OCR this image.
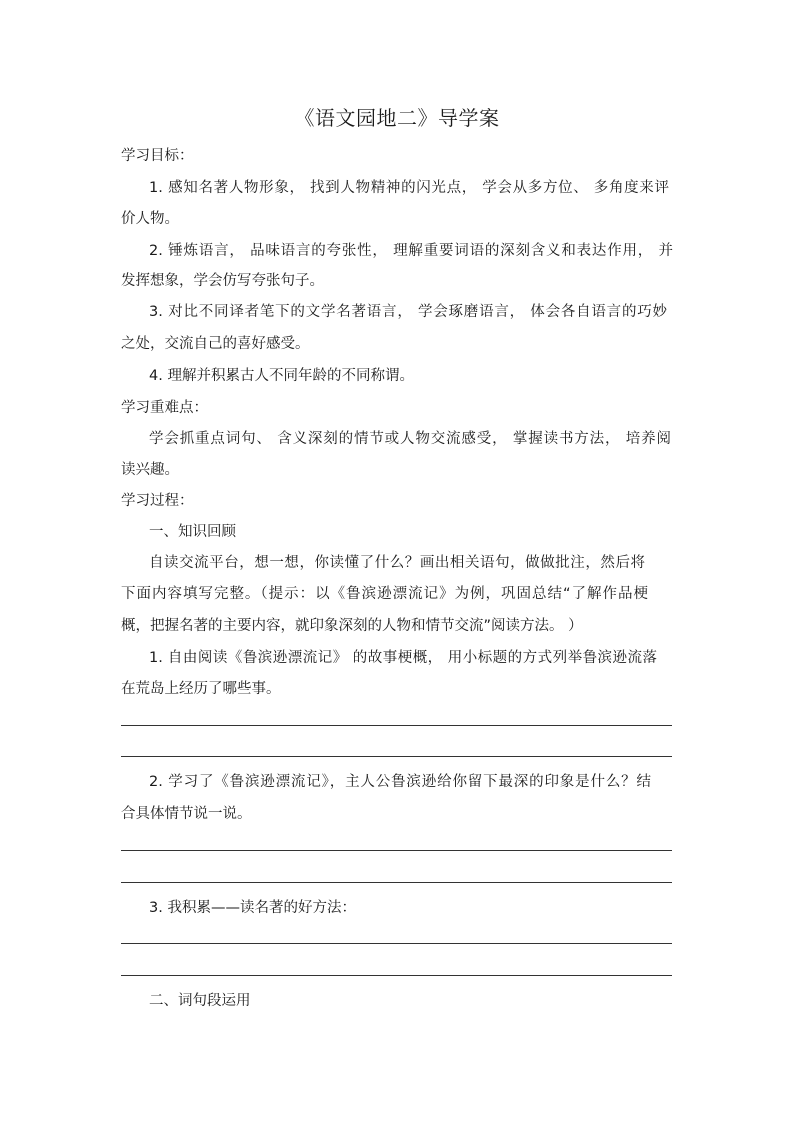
《语文园地二》导学案
学习目标：
1. 感知名著人物形象， 找到人物精神的闪光点， 学会从多方位、 多角度来评
价人物。
2. 锤炼语言， 品味语言的夸张性， 理解重要词语的深刻含义和表达作用， 并
发挥想象，学会仿写夸张句子。
3. 对比不同译者笔下的文学名著语言， 学会琢磨语言， 体会各自语言的巧妙
之处，交流自己的喜好感受。
4. 理解并积累古人不同年龄的不同称谓。
学习重难点：
学会抓重点词句、 含义深刻的情节或人物交流感受， 掌握读书方法， 培养阅
读兴趣。
学习过程：
一、知识回顾
自读交流平台，想一想，你读懂了什么？画出相关语句，做做批注，然后将
下面内容填写完整。（提示：以《鲁滨逊漂流记》为例，巩固总结“了解作品梗
概，把握名著的主要内容，就印象深刻的人物和情节交流”阅读方法。 ）
1. 自由阅读《鲁滨逊漂流记》 的故事梗概， 用小标题的方式列举鲁滨逊流落
在荒岛上经历了哪些事。
2. 学习了《鲁滨逊漂流记》，主人公鲁滨逊给你留下最深的印象是什么？结
合具体情节说一说。
3. 我积累——读名著的好方法：
二、词句段运用
